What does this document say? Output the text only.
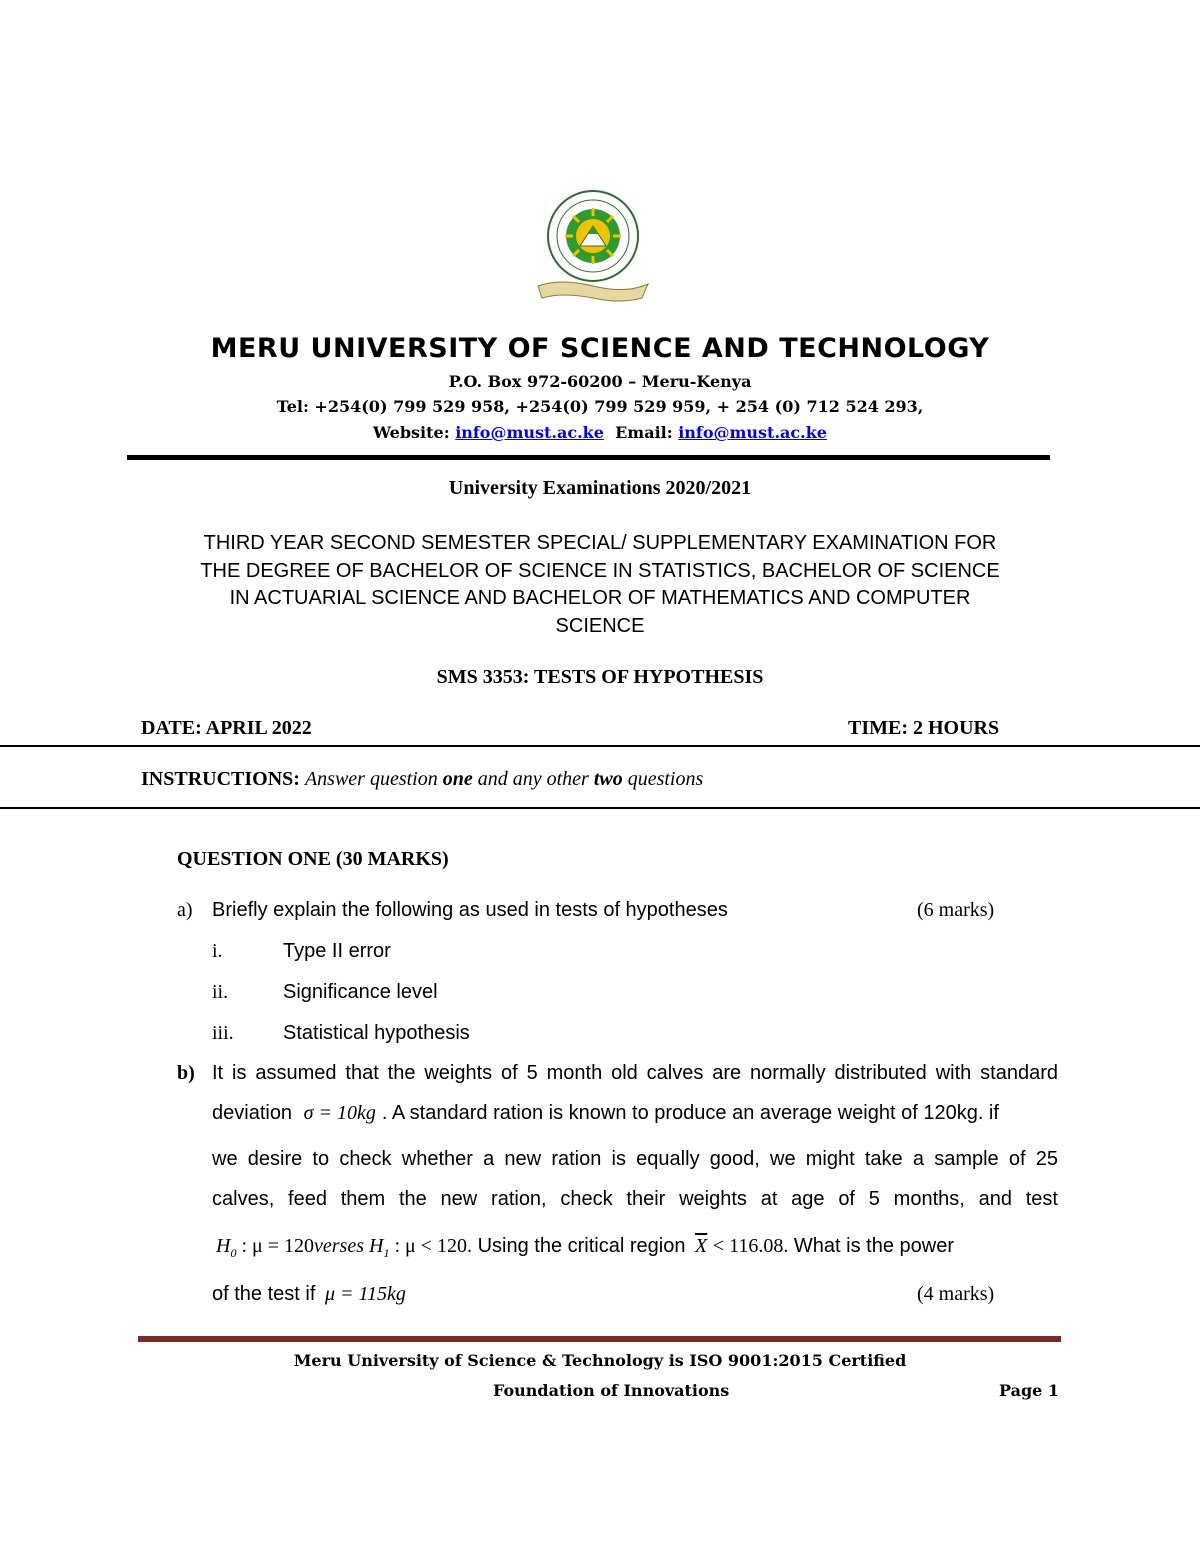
MERU UNIVERSITY OF SCIENCE AND TECHNOLOGY
P.O. Box 972-60200 – Meru-Kenya
Tel: +254(0) 799 529 958, +254(0) 799 529 959, + 254 (0) 712 524 293,
Website: info@must.ac.ke Email: info@must.ac.ke
University Examinations 2020/2021
THIRD YEAR SECOND SEMESTER SPECIAL/ SUPPLEMENTARY EXAMINATION FOR
THE DEGREE OF BACHELOR OF SCIENCE IN STATISTICS, BACHELOR OF SCIENCE
IN ACTUARIAL SCIENCE AND BACHELOR OF MATHEMATICS AND COMPUTER
SCIENCE
SMS 3353: TESTS OF HYPOTHESIS
DATE: APRIL 2022	TIME: 2 HOURS
INSTRUCTIONS: Answer question one and any other two questions
QUESTION ONE (30 MARKS)
a) Briefly explain the following as used in tests of hypotheses	(6 marks)
i.	Type II error
ii.	Significance level
iii. Statistical hypothesis
b) It is assumed that the weights of 5 month old calves are normally distributed with standard
deviation σ = 10kg . A standard ration is known to produce an average weight of 120kg. if
we desire to check whether a new ration is equally good, we might take a sample of 25
calves, feed them the new ration, check their weights at age of 5 months, and test
$H_0$ : μ = 120verses $H_1$ : μ < 120. Using the critical region $\overline{X} < 116.08$. What is the power
of the test if μ = 115kg	(4 marks)
Meru University of Science & Technology is ISO 9001:2015 Certified
Foundation of Innovations	Page 1
